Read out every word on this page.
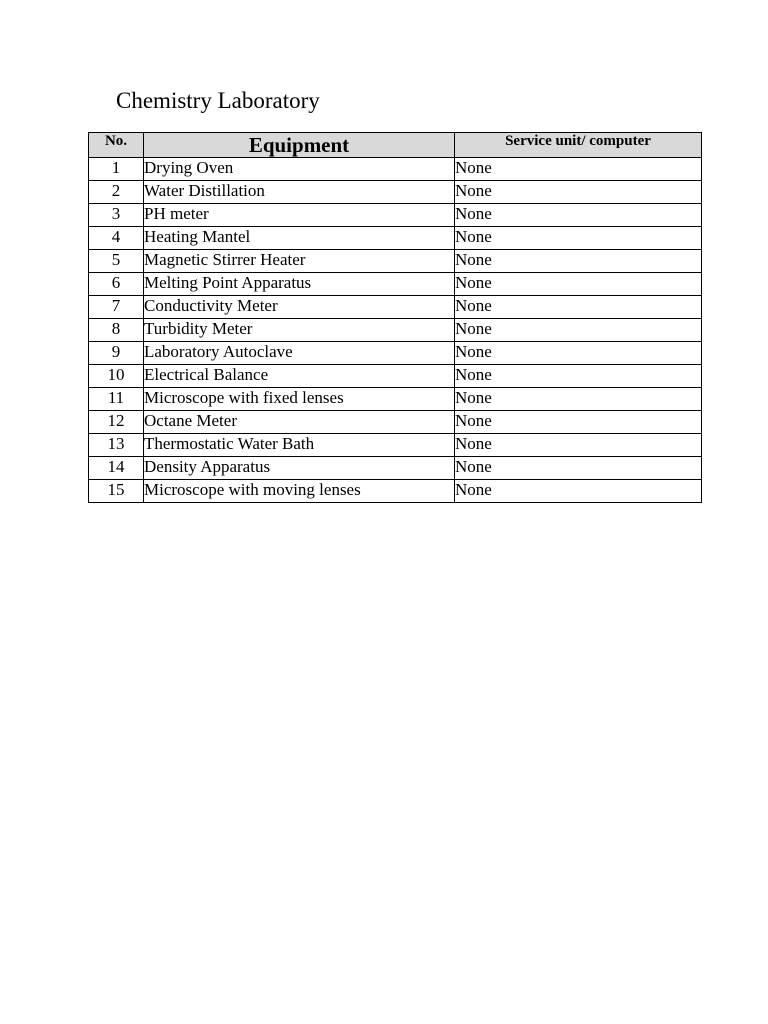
Chemistry Laboratory
No.	Equipment	Service unit/ computer
1	Drying Oven	None
2	Water Distillation	None
3	PH meter	None
4	Heating Mantel	None
5	Magnetic Stirrer Heater	None
6	Melting Point Apparatus	None
7	Conductivity Meter	None
8	Turbidity Meter	None
9	Laboratory Autoclave	None
10	Electrical Balance	None
11	Microscope with fixed lenses	None
12	Octane Meter	None
13	Thermostatic Water Bath	None
14	Density Apparatus	None
15	Microscope with moving lenses	None
